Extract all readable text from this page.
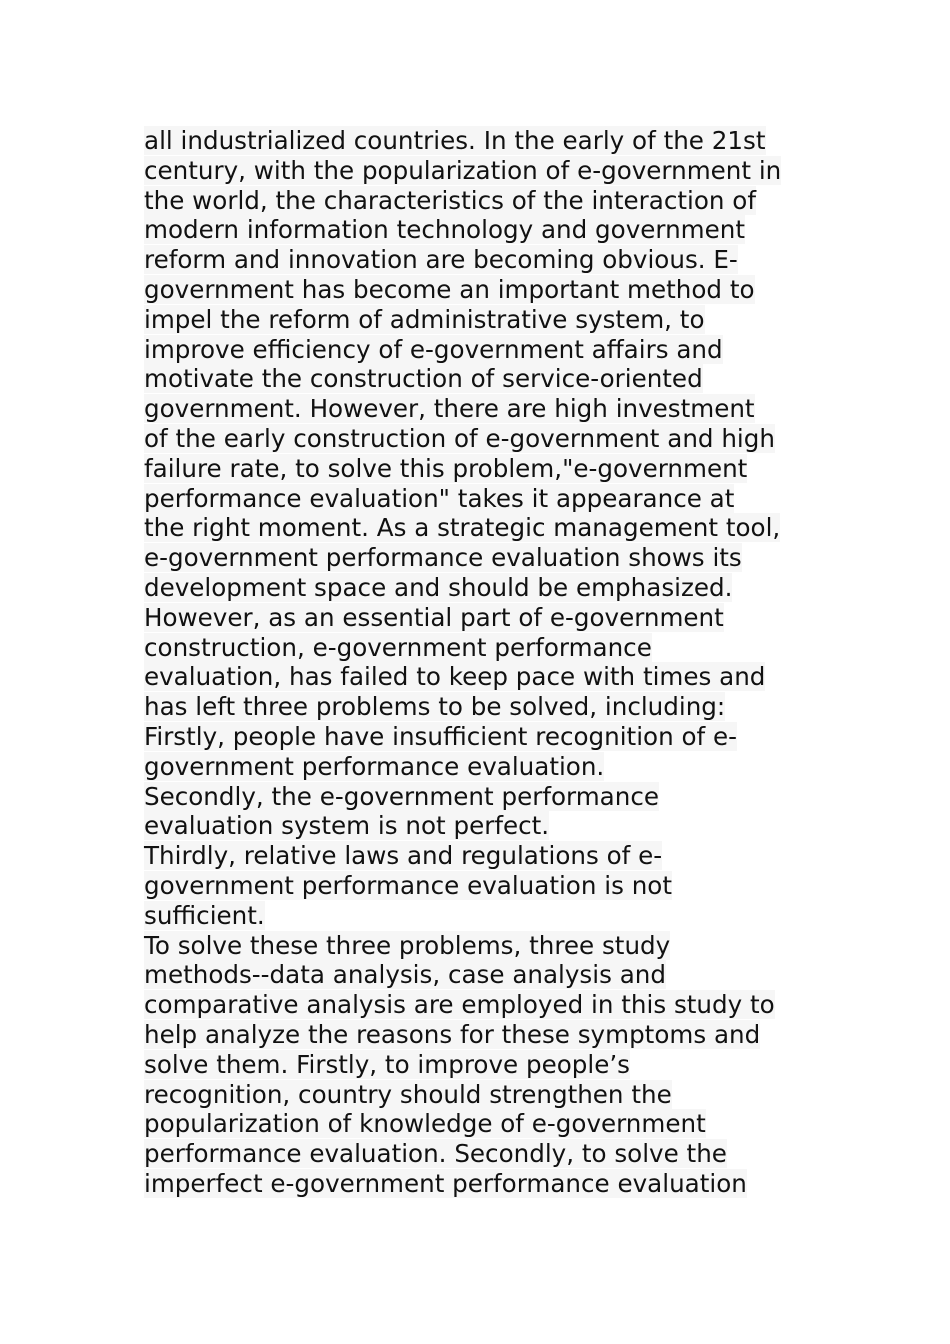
all industrialized countries. In the early of the 21st
century, with the popularization of e-government in
the world, the characteristics of the interaction of
modern information technology and government
reform and innovation are becoming obvious. E-
government has become an important method to
impel the reform of administrative system, to
improve efficiency of e-government affairs and
motivate the construction of service-oriented
government. However, there are high investment
of the early construction of e-government and high
failure rate, to solve this problem,"e-government
performance evaluation" takes it appearance at
the right moment. As a strategic management tool,
e-government performance evaluation shows its
development space and should be emphasized.
However, as an essential part of e-government
construction, e-government performance
evaluation, has failed to keep pace with times and
has left three problems to be solved, including:
Firstly, people have insufficient recognition of e-
government performance evaluation.
Secondly, the e-government performance
evaluation system is not perfect.
Thirdly, relative laws and regulations of e-
government performance evaluation is not
sufficient.
To solve these three problems, three study
methods--data analysis, case analysis and
comparative analysis are employed in this study to
help analyze the reasons for these symptoms and
solve them. Firstly, to improve people’s
recognition, country should strengthen the
popularization of knowledge of e-government
performance evaluation. Secondly, to solve the
imperfect e-government performance evaluation
